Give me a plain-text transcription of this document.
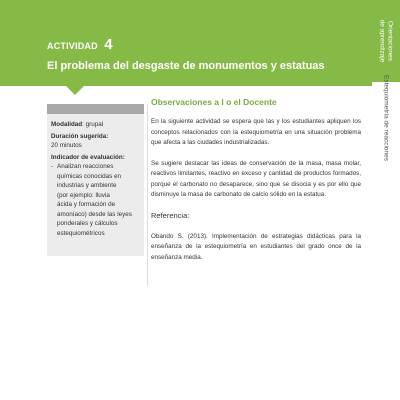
ACTIVIDAD 4
El problema del desgaste de monumentos y estatuas
Orientaciones
de aprendizaje
Estequiometría de reacciones
Modalidad: grupal
Duración sugerida:
20 minutos
Indicador de evaluación:
- Analizan reacciones
químicas conocidas en
industrias y ambiente
(por ejemplo: lluvia
ácida y formación de
amoníaco) desde las leyes
ponderales y cálculos
estequiométricos
Observaciones a l o el Docente

En la siguiente actividad se espera que las y los estudiantes apliquen los conceptos relacionados con la estequiometría en una situación problema que afecta a las ciudades industrializadas.

Se sugiere destacar las ideas de conservación de la masa, masa molar, reactivos limitantes, reactivo en exceso y cantidad de productos formados, porque el carbonato no desaparece, sino que se disocia y es por ello que disminuye la masa de carbonato de calcio sólido en la estatua.

Referencia:

Obando S. (2013). Implementación de estrategias didácticas para la enseñanza de la estequiometría en estudiantes del grado once de la enseñanza media.
